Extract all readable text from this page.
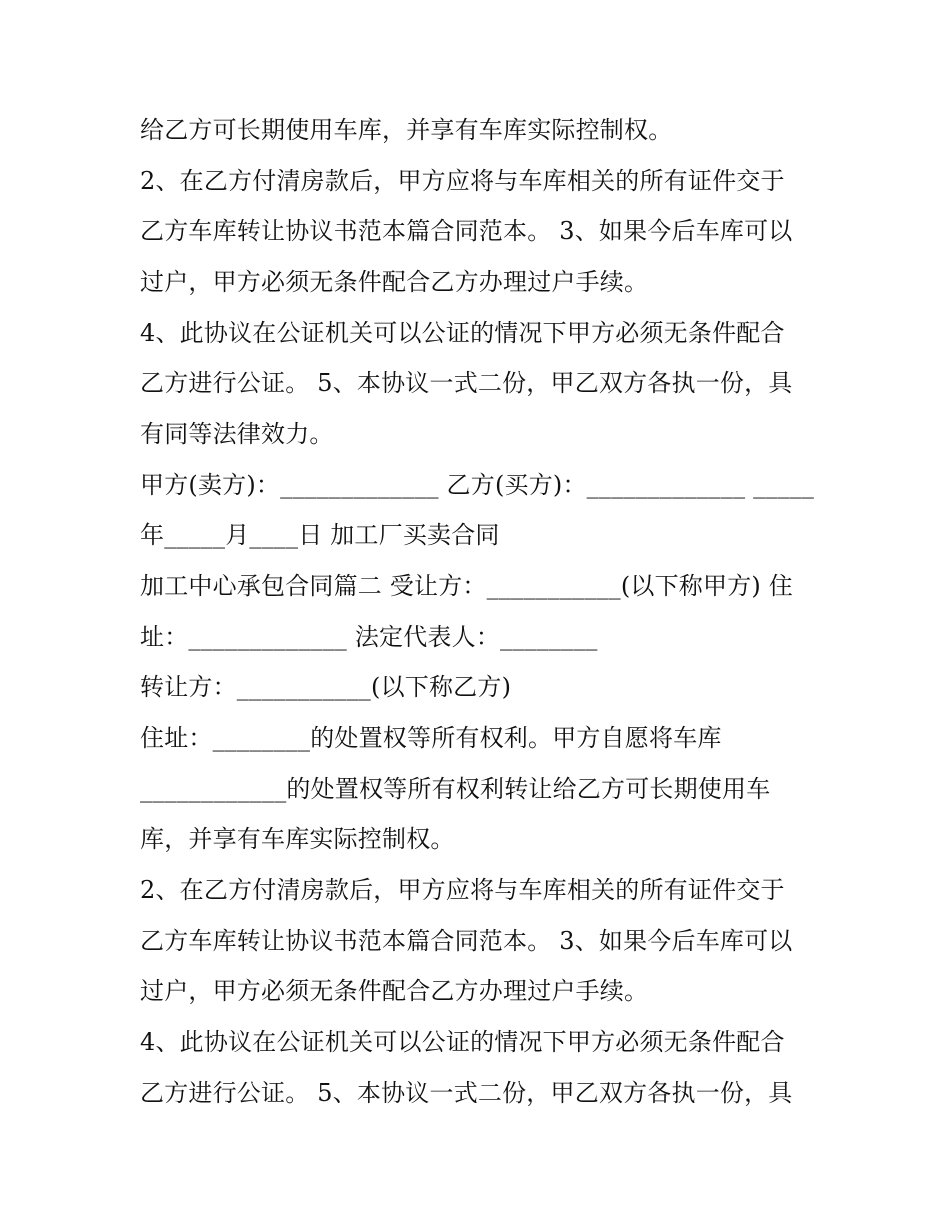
给乙方可长期使用车库，并享有车库实际控制权。
2、在乙方付清房款后，甲方应将与车库相关的所有证件交于
乙方车库转让协议书范本篇合同范本。 3、如果今后车库可以
过户，甲方必须无条件配合乙方办理过户手续。
4、此协议在公证机关可以公证的情况下甲方必须无条件配合
乙方进行公证。 5、本协议一式二份，甲乙双方各执一份，具
有同等法律效力。
甲方(卖方)：_____________ 乙方(买方)：_____________ _____
年_____月____日 加工厂买卖合同
加工中心承包合同篇二 受让方：___________(以下称甲方) 住
址：_____________ 法定代表人：________
转让方：___________(以下称乙方)
住址：________的处置权等所有权利。甲方自愿将车库
____________的处置权等所有权利转让给乙方可长期使用车
库，并享有车库实际控制权。
2、在乙方付清房款后，甲方应将与车库相关的所有证件交于
乙方车库转让协议书范本篇合同范本。 3、如果今后车库可以
过户，甲方必须无条件配合乙方办理过户手续。
4、此协议在公证机关可以公证的情况下甲方必须无条件配合
乙方进行公证。 5、本协议一式二份，甲乙双方各执一份，具
